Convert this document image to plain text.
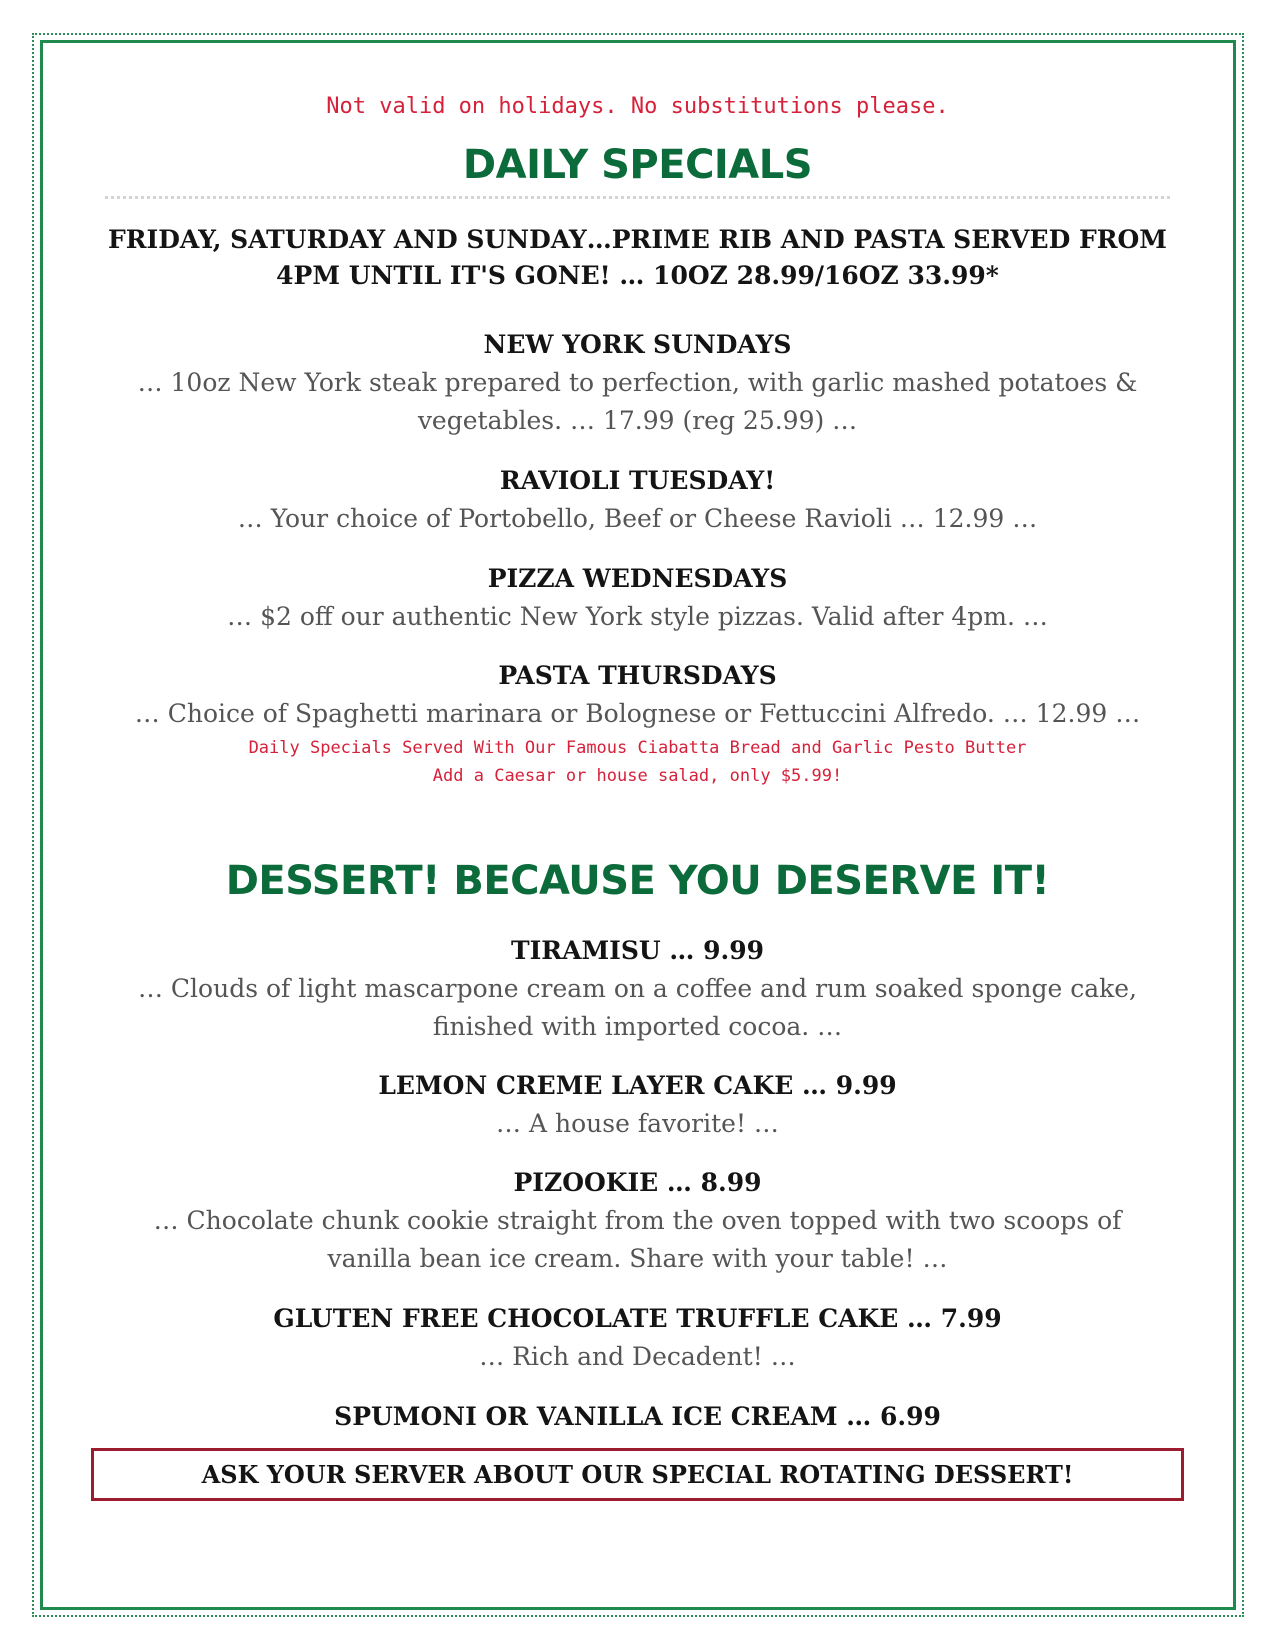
Not valid on holidays. No substitutions please.
DAILY SPECIALS
FRIDAY, SATURDAY AND SUNDAY…PRIME RIB AND PASTA SERVED FROM
4PM UNTIL IT'S GONE! … 10OZ 28.99/16OZ 33.99*
NEW YORK SUNDAYS
… 10oz New York steak prepared to perfection, with garlic mashed potatoes &
vegetables. … 17.99 (reg 25.99) …
RAVIOLI TUESDAY!
… Your choice of Portobello, Beef or Cheese Ravioli … 12.99 …
PIZZA WEDNESDAYS
… $2 off our authentic New York style pizzas. Valid after 4pm. …
PASTA THURSDAYS
… Choice of Spaghetti marinara or Bolognese or Fettuccini Alfredo. … 12.99 …
Daily Specials Served With Our Famous Ciabatta Bread and Garlic Pesto Butter
Add a Caesar or house salad, only $5.99!
DESSERT! BECAUSE YOU DESERVE IT!
TIRAMISU … 9.99
… Clouds of light mascarpone cream on a coffee and rum soaked sponge cake,
finished with imported cocoa. …
LEMON CREME LAYER CAKE … 9.99
… A house favorite! …
PIZOOKIE … 8.99
… Chocolate chunk cookie straight from the oven topped with two scoops of
vanilla bean ice cream. Share with your table! …
GLUTEN FREE CHOCOLATE TRUFFLE CAKE … 7.99
… Rich and Decadent! …
SPUMONI OR VANILLA ICE CREAM … 6.99
ASK YOUR SERVER ABOUT OUR SPECIAL ROTATING DESSERT!
